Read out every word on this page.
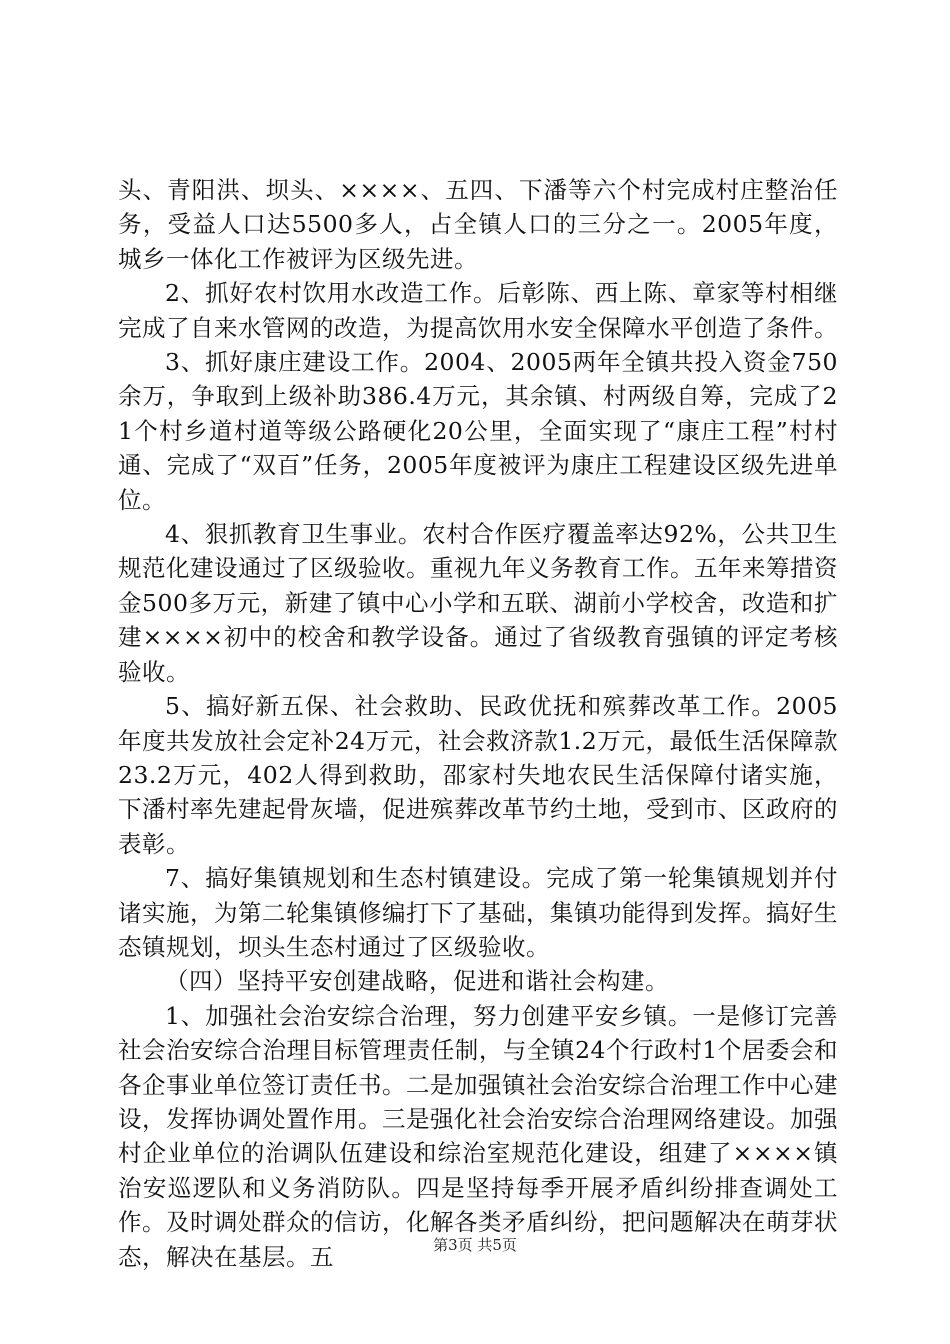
头、青阳洪、坝头、××××、五四、下潘等六个村完成村庄整治任务，受益人口达5500多人，占全镇人口的三分之一。2005年度，城乡一体化工作被评为区级先进。

2、抓好农村饮用水改造工作。后彰陈、西上陈、章家等村相继完成了自来水管网的改造，为提高饮用水安全保障水平创造了条件。

3、抓好康庄建设工作。2004、2005两年全镇共投入资金750余万，争取到上级补助386.4万元，其余镇、村两级自筹，完成了21个村乡道村道等级公路硬化20公里，全面实现了“康庄工程”村村通、完成了“双百”任务，2005年度被评为康庄工程建设区级先进单位。

4、狠抓教育卫生事业。农村合作医疗覆盖率达92%，公共卫生规范化建设通过了区级验收。重视九年义务教育工作。五年来筹措资金500多万元，新建了镇中心小学和五联、湖前小学校舍，改造和扩建××××初中的校舍和教学设备。通过了省级教育强镇的评定考核验收。

5、搞好新五保、社会救助、民政优抚和殡葬改革工作。2005年度共发放社会定补24万元，社会救济款1.2万元，最低生活保障款23.2万元，402人得到救助，邵家村失地农民生活保障付诸实施，下潘村率先建起骨灰墙，促进殡葬改革节约土地，受到市、区政府的表彰。

7、搞好集镇规划和生态村镇建设。完成了第一轮集镇规划并付诸实施，为第二轮集镇修编打下了基础，集镇功能得到发挥。搞好生态镇规划，坝头生态村通过了区级验收。

（四）坚持平安创建战略，促进和谐社会构建。

1、加强社会治安综合治理，努力创建平安乡镇。一是修订完善社会治安综合治理目标管理责任制，与全镇24个行政村1个居委会和各企事业单位签订责任书。二是加强镇社会治安综合治理工作中心建设，发挥协调处置作用。三是强化社会治安综合治理网络建设。加强村企业单位的治调队伍建设和综治室规范化建设，组建了××××镇治安巡逻队和义务消防队。四是坚持每季开展矛盾纠纷排查调处工作。及时调处群众的信访，化解各类矛盾纠纷，把问题解决在萌芽状态，解决在基层。五	第3页 共5页
